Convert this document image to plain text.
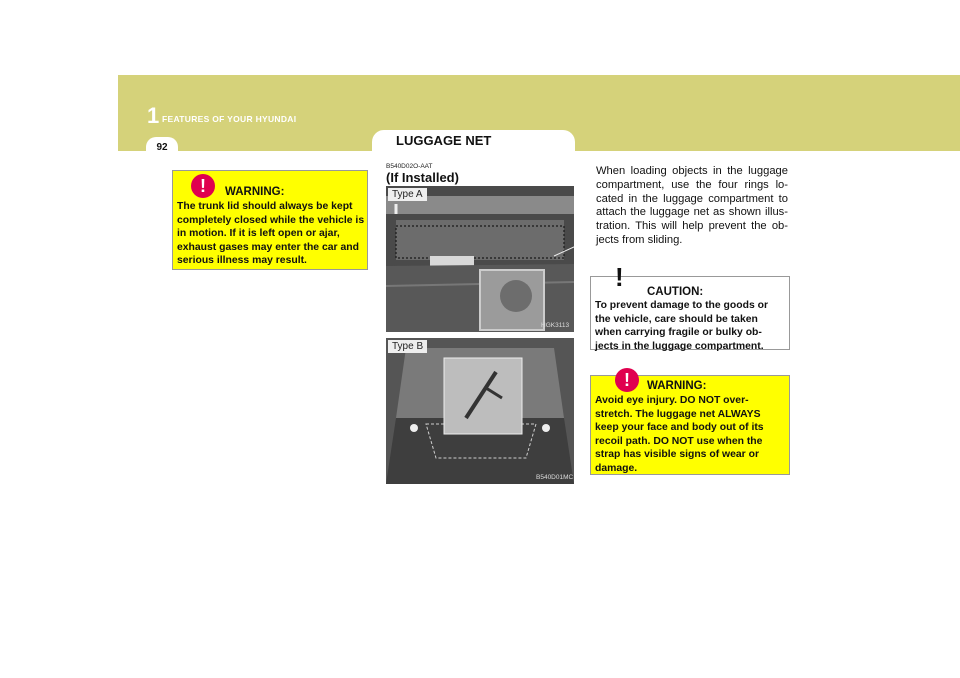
1 FEATURES OF YOUR HYUNDAI
92	LUGGAGE NET
!	WARNING:
The trunk lid should always be kept completely closed while the vehicle is in motion. If it is left open or ajar, exhaust gases may enter the car and serious illness may result.
B540D02O-AAT
(If Installed)
Type A
HGK3113
Type B
B540D01MC
When loading objects in the luggage compartment, use the four rings lo-cated in the luggage compartment to attach the luggage net as shown illus-tration. This will help prevent the ob-jects from sliding.
! CAUTION:
To prevent damage to the goods or the vehicle, care should be taken when carrying fragile or bulky ob-jects in the luggage compartment.
!	WARNING:
Avoid eye injury. DO NOT over-stretch. The luggage net ALWAYS keep your face and body out of its recoil path. DO NOT use when the strap has visible signs of wear or damage.
